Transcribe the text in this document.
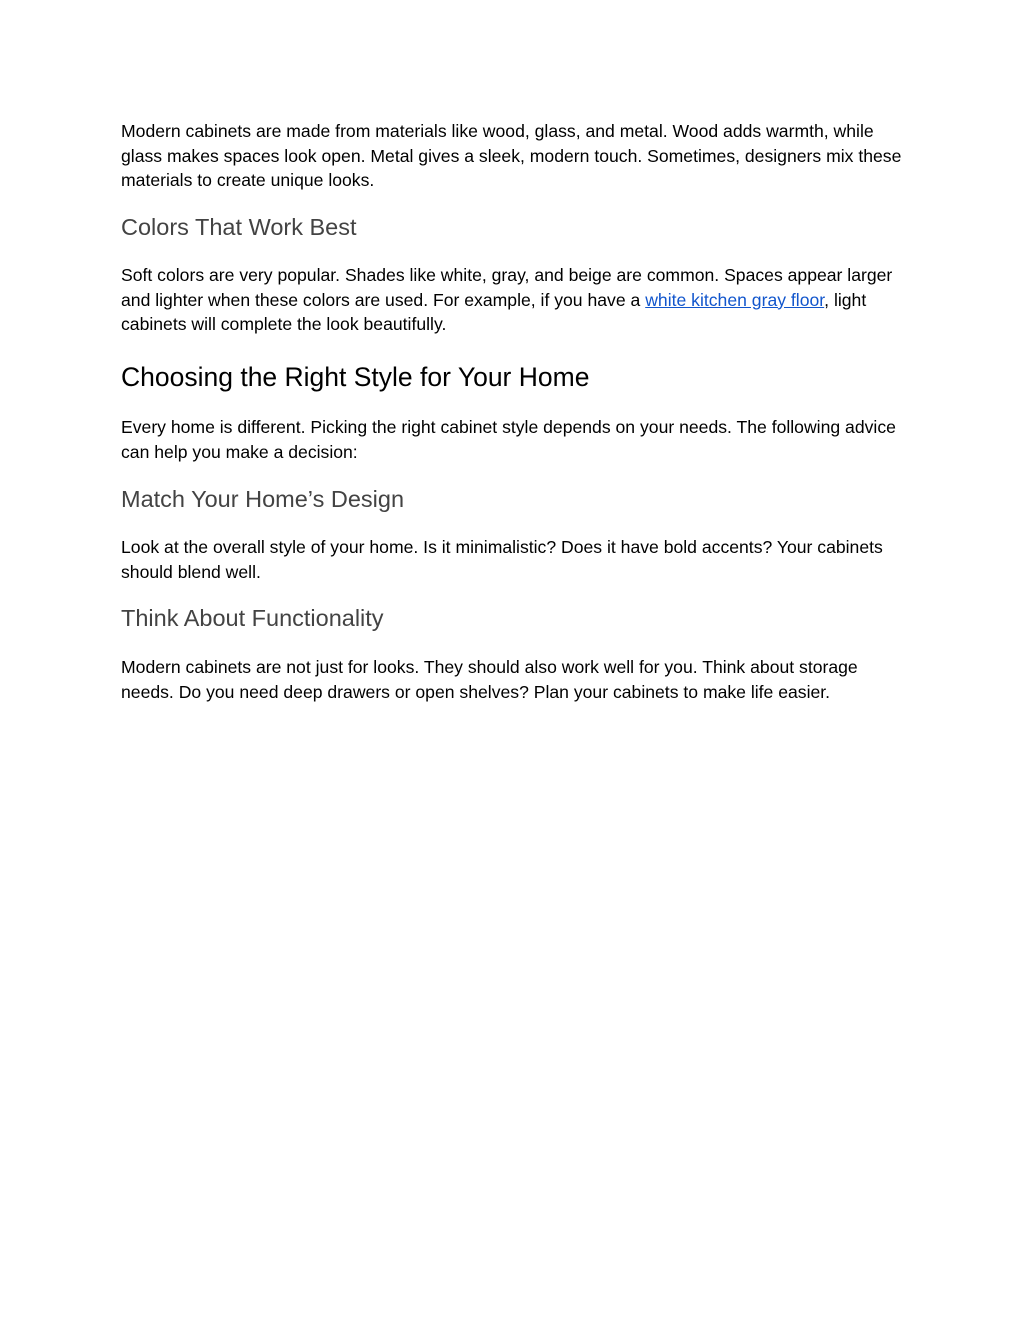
Modern cabinets are made from materials like wood, glass, and metal. Wood adds warmth, while glass makes spaces look open. Metal gives a sleek, modern touch. Sometimes, designers mix these materials to create unique looks.

Colors That Work Best

Soft colors are very popular. Shades like white, gray, and beige are common. Spaces appear larger and lighter when these colors are used. For example, if you have a white kitchen gray floor, light cabinets will complete the look beautifully.

Choosing the Right Style for Your Home

Every home is different. Picking the right cabinet style depends on your needs. The following advice can help you make a decision:

Match Your Home’s Design

Look at the overall style of your home. Is it minimalistic? Does it have bold accents? Your cabinets should blend well.

Think About Functionality

Modern cabinets are not just for looks. They should also work well for you. Think about storage needs. Do you need deep drawers or open shelves? Plan your cabinets to make life easier.
